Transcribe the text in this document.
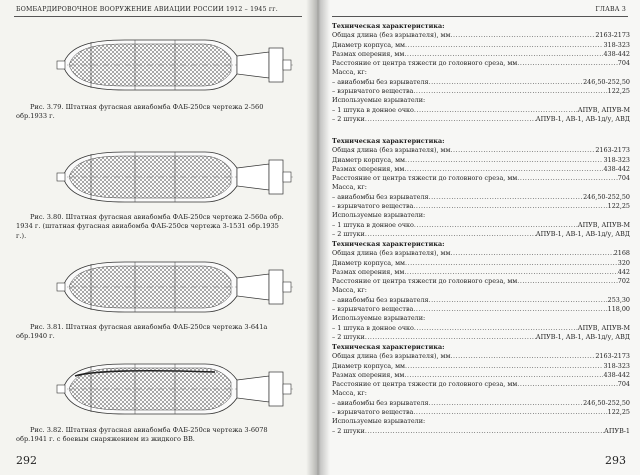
БОМБАРДИРОВОЧНОЕ ВООРУЖЕНИЕ АВИАЦИИ РОССИИ 1912 – 1945 гг.
Рис. 3.79. Штатная фугасная авиабомба ФАБ-250св чертежа 2-560 обр.1933 г.
Рис. 3.80. Штатная фугасная авиабомба ФАБ-250св чертежа 2-560а обр. 1934 г. (штатная фугасная авиабомба ФАБ-250св чертежа 3-1531 обр.1935 г.).
Рис. 3.81. Штатная фугасная авиабомба ФАБ-250св чертежа 3-641а обр.1940 г.
Рис. 3.82. Штатная фугасная авиабомба ФАБ-250св чертежа 3-6078 обр.1941 г. с боевым снаряжением из жидкого ВВ.
292
ГЛАВА 3
Техническая характеристика:
Общая длина (без взрывателя), мм .....	2163-2173
Диаметр корпуса, мм .....	318-323
Размах оперения, мм .....	438-442
Расстояние от центра тяжести до головного среза, мм .....	704
Масса, кг:
– авиабомбы без взрывателя .....	246,50-252,50
– взрывчатого вещества .....	122,25
Используемые взрыватели:
– 1 штука в донное очко .....	АПУВ, АПУВ-М
– 2 штуки .....	АПУВ-1, АВ-1, АВ-1д/у, АВД
Техническая характеристика:
Общая длина (без взрывателя), мм .....	2163-2173
Диаметр корпуса, мм .....	318-323
Размах оперения, мм .....	438-442
Расстояние от центра тяжести до головного среза, мм .....	704
Масса, кг:
– авиабомбы без взрывателя .....	246,50-252,50
– взрывчатого вещества .....	122,25
Используемые взрыватели:
– 1 штука в донное очко .....	АПУВ, АПУВ-М
– 2 штуки .....	АПУВ-1, АВ-1, АВ-1д/у, АВД
Техническая характеристика:
Общая длина (без взрывателя), мм .....	2168
Диаметр корпуса, мм .....	320
Размах оперения, мм .....	442
Расстояние от центра тяжести до головного среза, мм .....	702
Масса, кг:
– авиабомбы без взрывателя .....	253,30
– взрывчатого вещества .....	118,00
Используемые взрыватели:
– 1 штука в донное очко .....	АПУВ, АПУВ-М
– 2 штуки .....	АПУВ-1, АВ-1, АВ-1д/у, АВД
Техническая характеристика:
Общая длина (без взрывателя), мм .....	2163-2173
Диаметр корпуса, мм .....	318-323
Размах оперения, мм .....	438-442
Расстояние от центра тяжести до головного среза, мм .....	704
Масса, кг:
– авиабомбы без взрывателя .....	246,50-252,50
– взрывчатого вещества .....	122,25
Используемые взрыватели:
– 2 штуки .....	АПУВ-1
293
